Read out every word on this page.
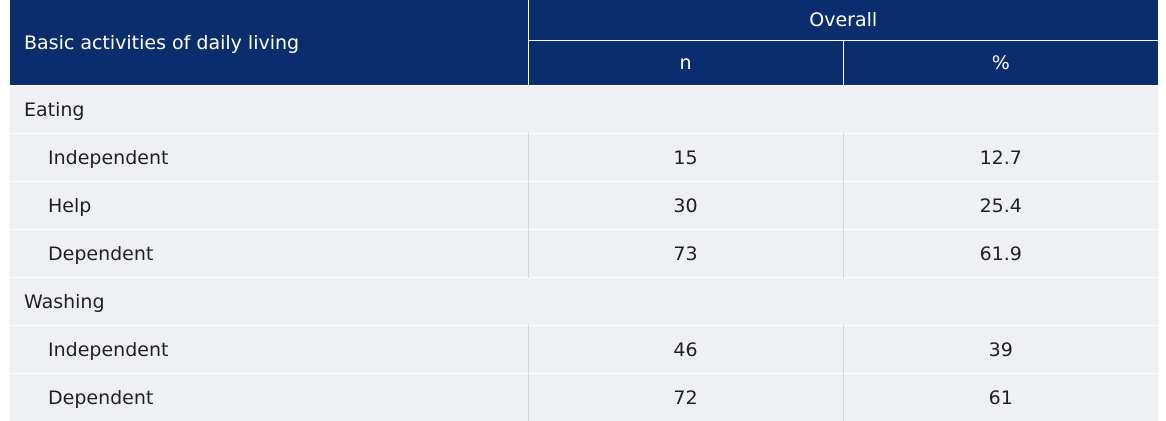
Basic activities of daily living	Overall	
	n	%
Eating		
Independent	15	12.7
Help	30	25.4
Dependent	73	61.9
Washing		
Independent	46	39
Dependent	72	61
